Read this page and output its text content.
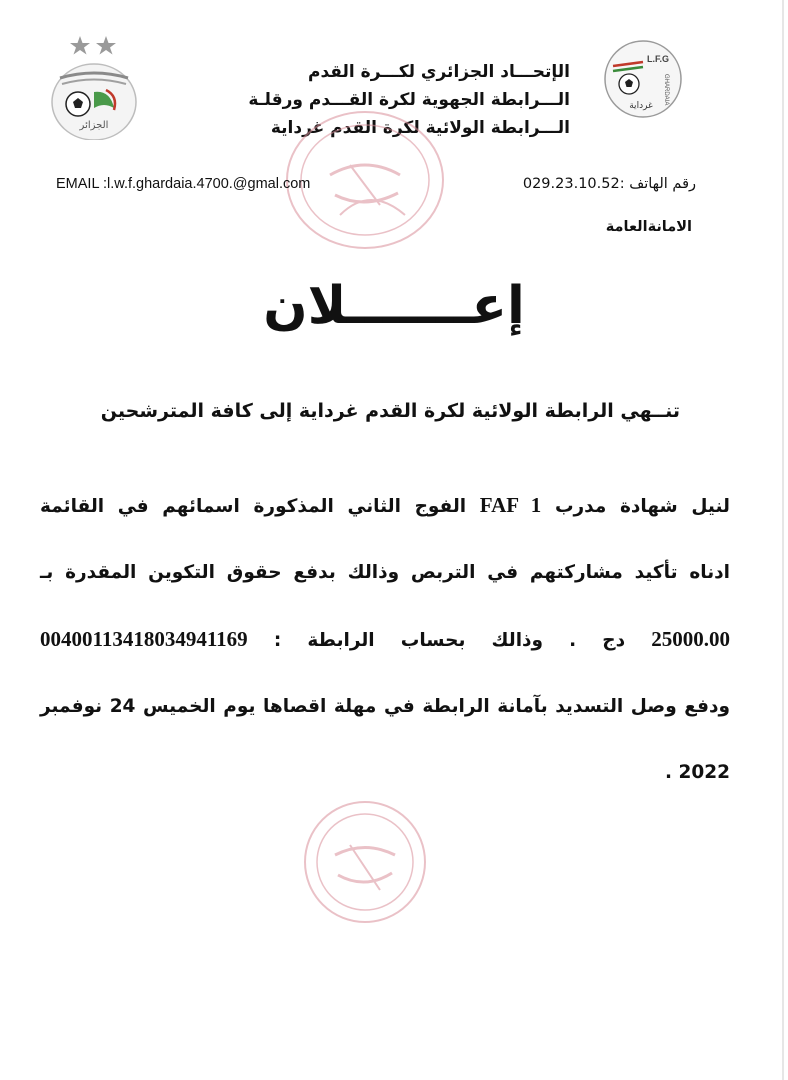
الجزائر
L.F.G
GHARDAIA
غرداية
الإتحـــاد الجزائري لكـــرة القدم
الـــرابطة الجهوية لكرة القـــدم ورقلـة
الـــرابطة الولائية لكرة القدم غرداية
EMAIL :l.w.f.ghardaia.4700.@gmal.com	رقم الهاتف :029.23.10.52
الامانةالعامة
إعـــــــلان
تنــهي الرابطة الولائية لكرة القدم غرداية إلى كافة المترشحين
لنيل شهادة مدرب FAF 1 الفوج الثاني المذكورة اسمائهم في القائمة
ادناه تأكيد مشاركتهم في التربص وذالك بدفع حقوق التكوين المقدرة بـ
25000.00 دج . وذالك بحساب الرابطة : 00400113418034941169
ودفع وصل التسديد بآمانة الرابطة في مهلة اقصاها يوم الخميس 24 نوفمبر
2022 .
